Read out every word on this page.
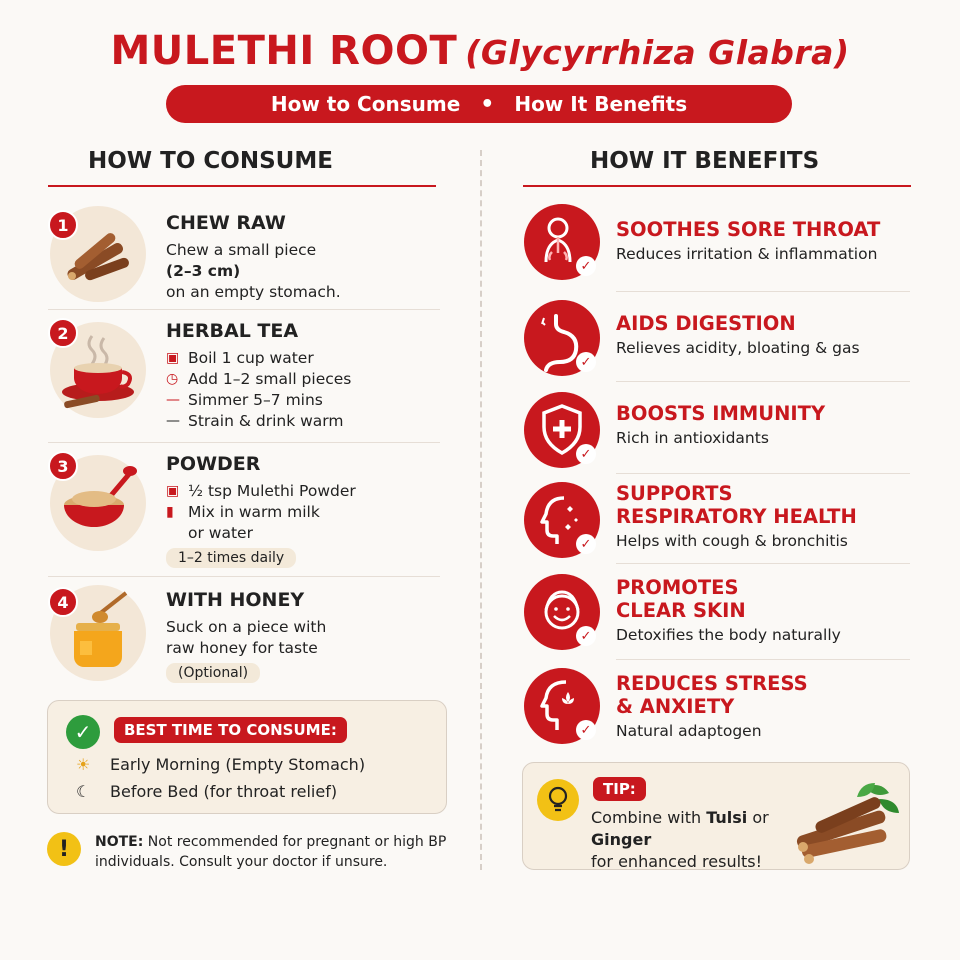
MULETHI ROOT (Glycyrrhiza Glabra)
How to Consume • How It Benefits
HOW TO CONSUME	HOW IT BENEFITS
1	CHEW RAW
Chew a small piece
(2–3 cm)
on an empty stomach.
2	HERBAL TEA
▣ Boil 1 cup water
◷ Add 1–2 small pieces
— Simmer 5–7 mins
— Strain & drink warm
3	POWDER
▣ ½ tsp Mulethi Powder
▮ Mix in warm milk
or water
1–2 times daily
4	WITH HONEY
Suck on a piece with
raw honey for taste
(Optional)
✓	BEST TIME TO CONSUME:
☀	Early Morning (Empty Stomach)
☾	Before Bed (for throat relief)
!	NOTE: Not recommended for pregnant or high BP individuals. Consult your doctor if unsure.
✓
SOOTHES SORE THROAT
Reduces irritation & inflammation
✓
AIDS DIGESTION
Relieves acidity, bloating & gas
✓
BOOSTS IMMUNITY
Rich in antioxidants
✓
SUPPORTS
RESPIRATORY HEALTH
Helps with cough & bronchitis
✓
PROMOTES
CLEAR SKIN
Detoxifies the body naturally
✓
REDUCES STRESS
& ANXIETY
Natural adaptogen
TIP:
Combine with Tulsi or Ginger
for enhanced results!
